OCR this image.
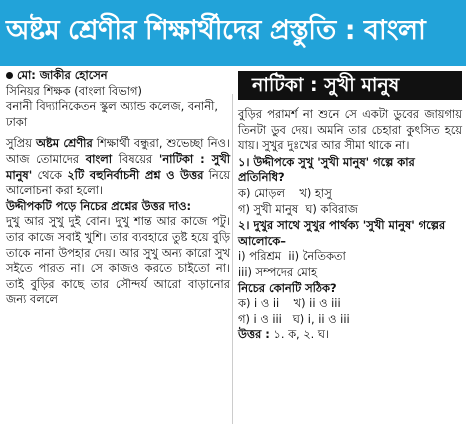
অষ্টম শ্রেণীর শিক্ষার্থীদের প্রস্তুতি : বাংলা
মো: জাকীর হোসেন
সিনিয়র শিক্ষক (বাংলা বিভাগ)
বনানী বিদ্যানিকেতন স্কুল অ্যান্ড কলেজ, বনানী, ঢাকা
সুপ্রিয় অষ্টম শ্রেণীর শিক্ষার্থী বন্ধুরা, শুভেচ্ছা নিও। আজ তোমাদের বাংলা বিষয়ের 'নাটিকা : সুখী মানুষ' থেকে ২টি বহুনির্বাচনী প্রশ্ন ও উত্তর নিয়ে আলোচনা করা হলো।
উদ্দীপকটি পড়ে নিচের প্রশ্নের উত্তর দাও:
দুখু আর সুখু দুই বোন। দুখু শান্ত আর কাজে পটু। তার কাজে সবাই খুশি। তার ব্যবহারে তুষ্ট হয়ে বুড়ি তাকে নানা উপহার দেয়। আর সুখু অন্য কারো সুখ সইতে পারত না। সে কাজও করতে চাইতো না। তাই বুড়ির কাছে তার সৌন্দর্য আরো বাড়ানোর জন্য বললে
নাটিকা : সুখী মানুষ
বুড়ির পরামর্শ না শুনে সে একটা ডুবের জায়গায় তিনটা ডুব দেয়। অমনি তার চেহারা কুৎসিত হয়ে যায়। সুখুর দুঃখের আর সীমা থাকে না।
১। উদ্দীপকে সুখু 'সুখী মানুষ' গল্পে কার প্রতিনিধি?
ক) মোড়ল খ) হাসু
গ) সুখী মানুষ ঘ) কবিরাজ
২। দুখুর সাথে সুখুর পার্থক্য 'সুখী মানুষ' গল্পের আলোকে–
i) পরিশ্রম ii) নৈতিকতা
iii) সম্পদের মোহ
নিচের কোনটি সঠিক?
ক) i ও ii খ) ii ও iii
গ) i ও iii ঘ) i, ii ও iii
উত্তর : ১. ক, ২. ঘ।
